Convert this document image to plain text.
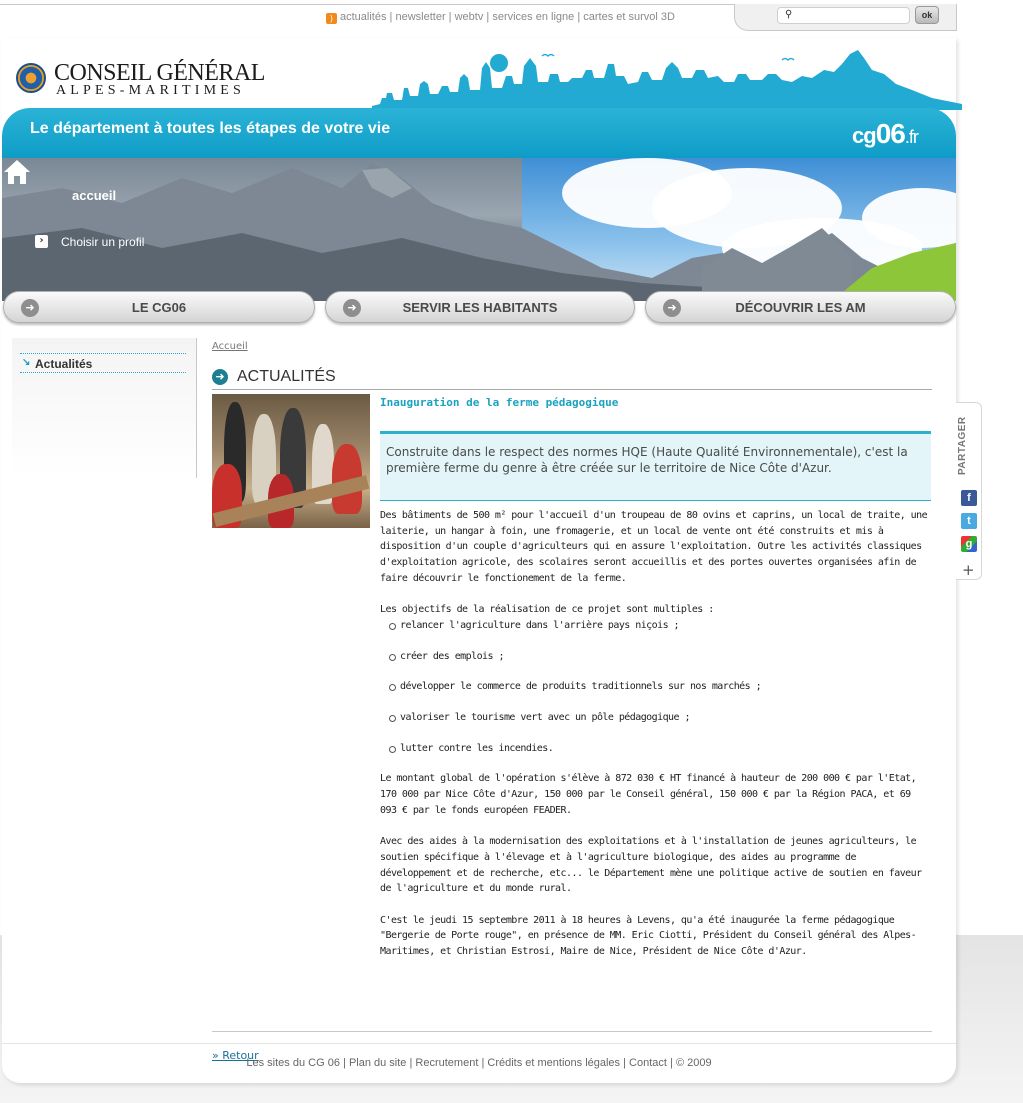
) actualités | newsletter | webtv | services en ligne | cartes et survol 3D	⚲	ok
CONSEIL GÉNÉRAL
ALPES-MARITIMES
Le département à toutes les étapes de votre vie	cg06.fr
accueil
›	Choisir un profil
➜	LE CG06	➜	SERVIR LES HABITANTS	➜	DÉCOUVRIR LES AM
↘ Actualités
Accueil
➜ ACTUALITÉS
Inauguration de la ferme pédagogique
Construite dans le respect des normes HQE (Haute Qualité Environnementale), c'est la première ferme du genre à être créée sur le territoire de Nice Côte d'Azur.

Des bâtiments de 500 m² pour l'accueil d'un troupeau de 80 ovins et caprins, un local de traite, une laiterie, un hangar à foin, une fromagerie, et un local de vente ont été construits et mis à disposition d'un couple d'agriculteurs qui en assure l'exploitation. Outre les activités classiques d'exploitation agricole, des scolaires seront accueillis et des portes ouvertes organisées afin de faire découvrir le fonctionement de la ferme.

Les objectifs de la réalisation de ce projet sont multiples :
relancer l'agriculture dans l'arrière pays niçois ;
créer des emplois ;
développer le commerce de produits traditionnels sur nos marchés ;
valoriser le tourisme vert avec un pôle pédagogique ;
lutter contre les incendies.

Le montant global de l'opération s'élève à 872 030 € HT financé à hauteur de 200 000 € par l'Etat, 170 000 par Nice Côte d'Azur, 150 000 par le Conseil général, 150 000 € par la Région PACA, et 69 093 € par le fonds européen FEADER.

Avec des aides à la modernisation des exploitations et à l'installation de jeunes agriculteurs, le soutien spécifique à l'élevage et à l'agriculture biologique, des aides au programme de développement et de recherche, etc... le Département mène une politique active de soutien en faveur de l'agriculture et du monde rural.

C'est le jeudi 15 septembre 2011 à 18 heures à Levens, qu'a été inaugurée la ferme pédagogique "Bergerie de Porte rouge", en présence de MM. Eric Ciotti, Président du Conseil général des Alpes-Maritimes, et Christian Estrosi, Maire de Nice, Président de Nice Côte d'Azur.

» Retour
Les sites du CG 06 | Plan du site | Recrutement | Crédits et mentions légales | Contact | © 2009
PARTAGER
f
t
g
+
